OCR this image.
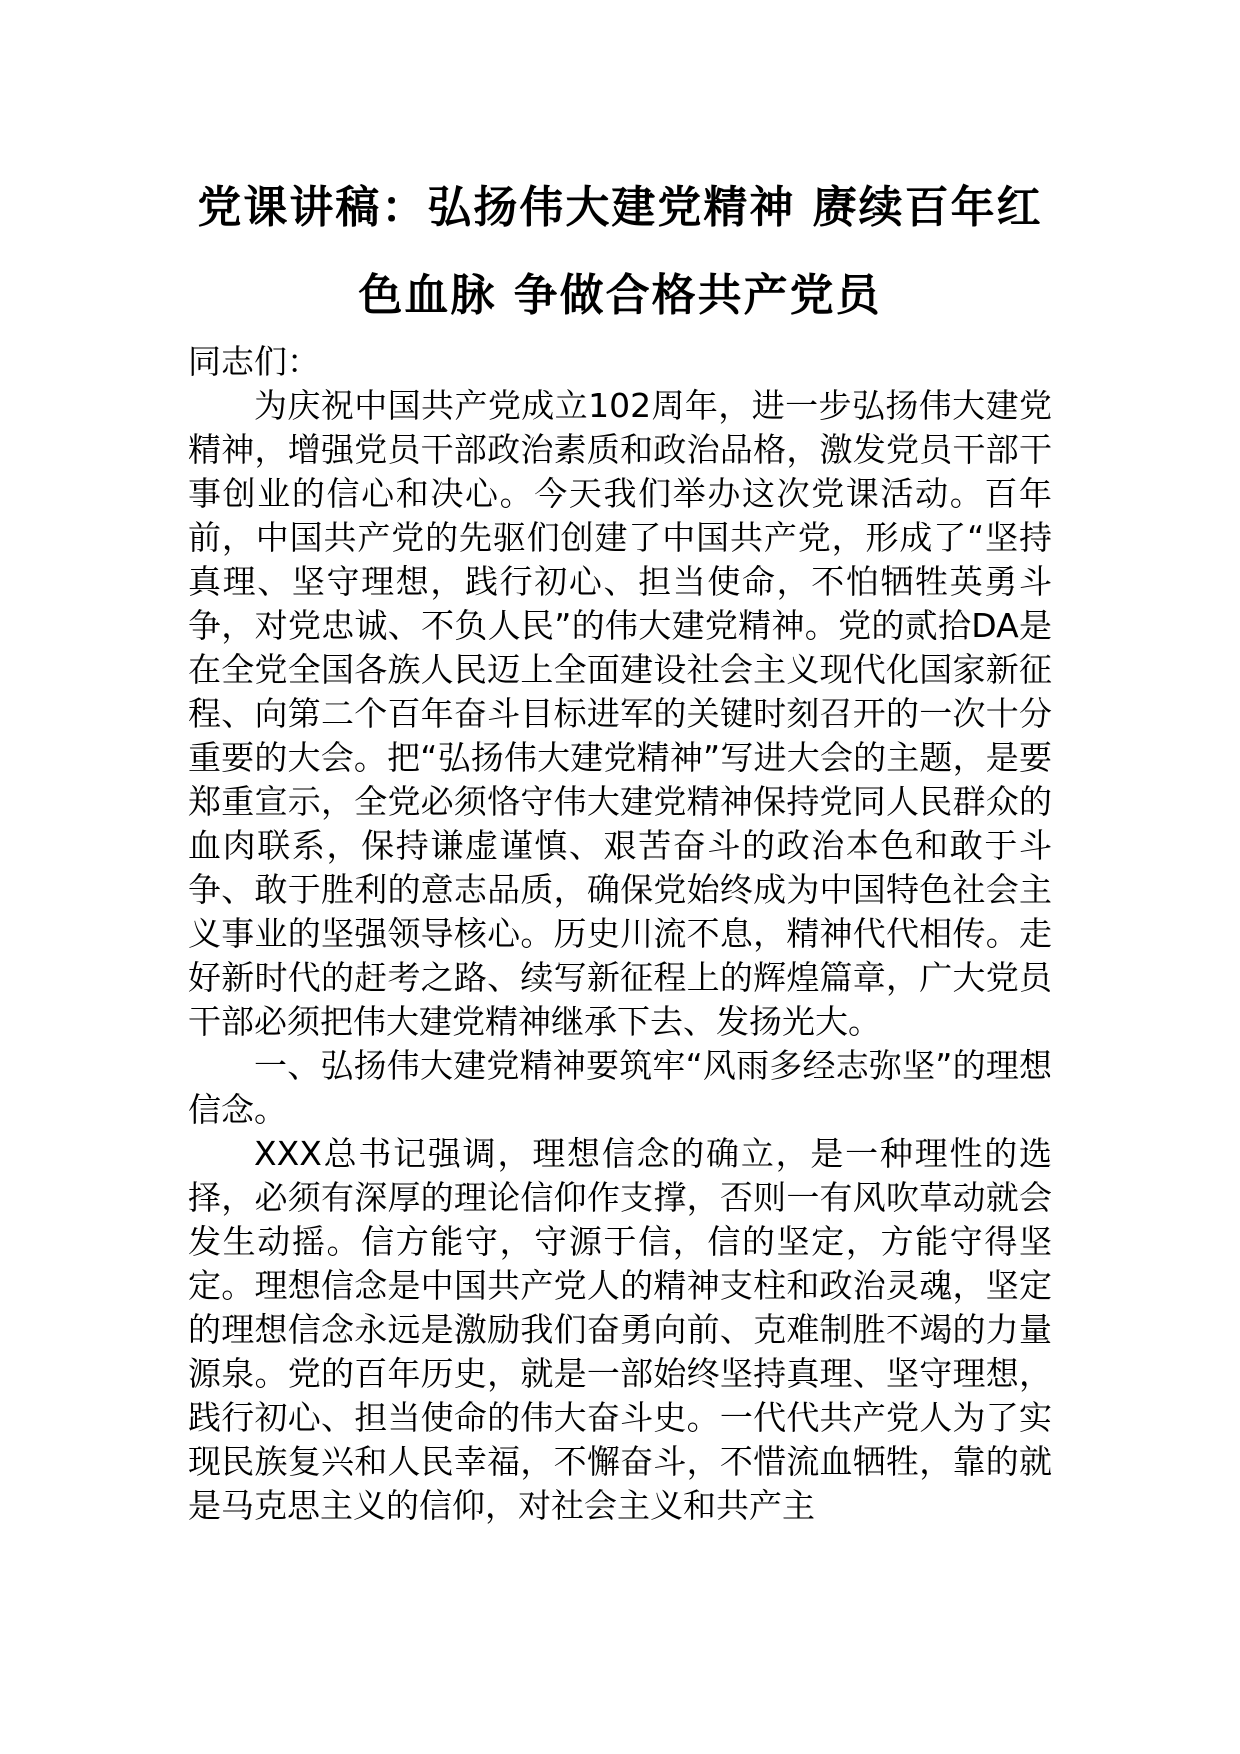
党课讲稿：弘扬伟大建党精神 赓续百年红
色血脉 争做合格共产党员

同志们：

为庆祝中国共产党成立102周年，进一步弘扬伟大建党精神，增强党员干部政治素质和政治品格，激发党员干部干事创业的信心和决心。今天我们举办这次党课活动。百年前，中国共产党的先驱们创建了中国共产党，形成了“坚持真理、坚守理想，践行初心、担当使命，不怕牺牲英勇斗争，对党忠诚、不负人民”的伟大建党精神。党的贰拾DA是在全党全国各族人民迈上全面建设社会主义现代化国家新征程、向第二个百年奋斗目标进军的关键时刻召开的一次十分重要的大会。把“弘扬伟大建党精神”写进大会的主题，是要郑重宣示，全党必须恪守伟大建党精神保持党同人民群众的血肉联系，保持谦虚谨慎、艰苦奋斗的政治本色和敢于斗争、敢于胜利的意志品质，确保党始终成为中国特色社会主义事业的坚强领导核心。历史川流不息，精神代代相传。走好新时代的赶考之路、续写新征程上的辉煌篇章，广大党员干部必须把伟大建党精神继承下去、发扬光大。

一、弘扬伟大建党精神要筑牢“风雨多经志弥坚”的理想信念。

XXX总书记强调，理想信念的确立，是一种理性的选择，必须有深厚的理论信仰作支撑，否则一有风吹草动就会发生动摇。信方能守，守源于信，信的坚定，方能守得坚定。理想信念是中国共产党人的精神支柱和政治灵魂，坚定的理想信念永远是激励我们奋勇向前、克难制胜不竭的力量源泉。党的百年历史，就是一部始终坚持真理、坚守理想，践行初心、担当使命的伟大奋斗史。一代代共产党人为了实现民族复兴和人民幸福，不懈奋斗，不惜流血牺牲，靠的就是马克思主义的信仰，对社会主义和共产主
